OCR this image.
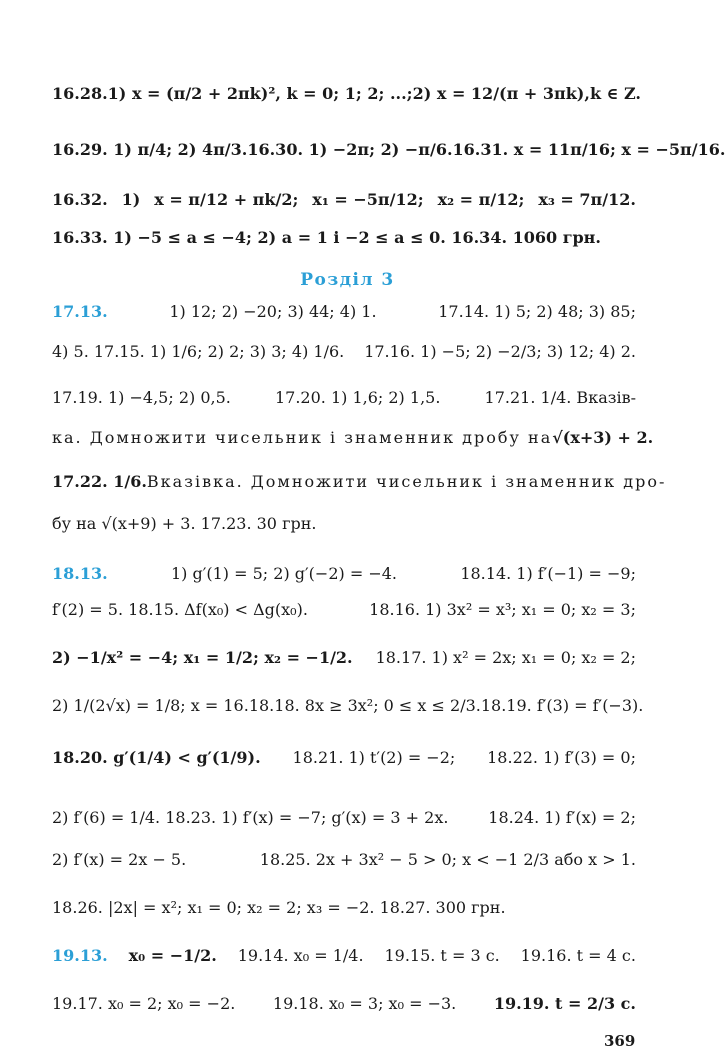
16.28. 1) x = (π/2 + 2πk)², k = 0; 1; 2; ...; 2) x = 12/(π + 3πk), k ∈ Z.
16.29. 1) π/4; 2) 4π/3. 16.30. 1) −2π; 2) −π/6. 16.31. x = 11π/16; x = −5π/16.
16.32. 1) x = π/12 + πk/2; x₁ = −5π/12; x₂ = π/12; x₃ = 7π/12.
16.33. 1) −5 ≤ a ≤ −4; 2) a = 1 і −2 ≤ a ≤ 0. 16.34. 1060 грн.
Розділ 3
17.13.	1) 12; 2) −20; 3) 44; 4) 1.	17.14. 1) 5; 2) 48; 3) 85;
4) 5. 17.15. 1) 1/6; 2) 2; 3) 3; 4) 1/6. 17.16. 1) −5; 2) −2/3; 3) 12; 4) 2.
17.19. 1) −4,5; 2) 0,5.	17.20. 1) 1,6; 2) 1,5.	17.21. 1/4. Вказів-
ка. Домножити чисельник і знаменник дробу на √(x+3) + 2.
17.22. 1/6. Вказівка. Домножити чисельник і знаменник дро-
бу на √(x+9) + 3. 17.23. 30 грн.
18.13.	1) g′(1) = 5; 2) g′(−2) = −4.	18.14. 1) f′(−1) = −9;
f′(2) = 5. 18.15. Δf(x₀) < Δg(x₀).	18.16. 1) 3x² = x³; x₁ = 0; x₂ = 3;
2) −1/x² = −4; x₁ = 1/2; x₂ = −1/2. 18.17. 1) x² = 2x; x₁ = 0; x₂ = 2;
2) 1/(2√x) = 1/8; x = 16. 18.18. 8x ≥ 3x²; 0 ≤ x ≤ 2/3. 18.19. f′(3) = f′(−3).
18.20. g′(1/4) < g′(1/9). 18.21. 1) t′(2) = −2; 18.22. 1) f′(3) = 0;
2) f′(6) = 1/4. 18.23. 1) f′(x) = −7; g′(x) = 3 + 2x. 18.24. 1) f′(x) = 2;
2) f′(x) = 2x − 5.	18.25. 2x + 3x² − 5 > 0; x < −1 2/3 або x > 1.
18.26. |2x| = x²; x₁ = 0; x₂ = 2; x₃ = −2. 18.27. 300 грн.
19.13. x₀ = −1/2. 19.14. x₀ = 1/4. 19.15. t = 3 с. 19.16. t = 4 с.
19.17. x₀ = 2; x₀ = −2. 19.18. x₀ = 3; x₀ = −3. 19.19. t = 2/3 с.
369
